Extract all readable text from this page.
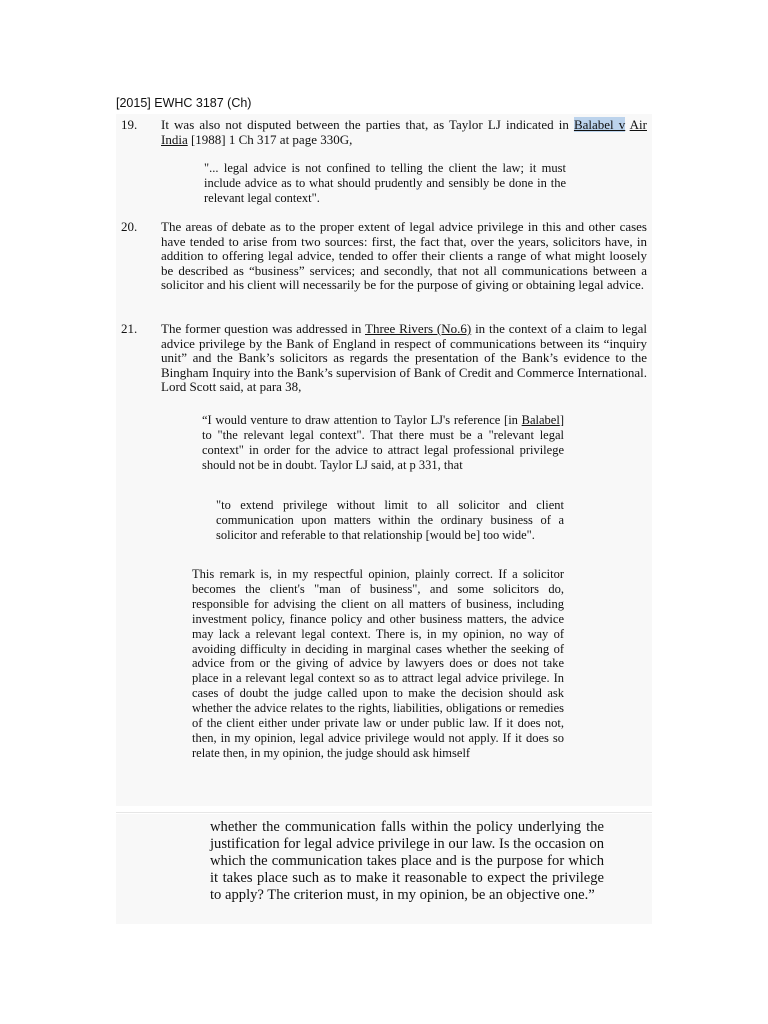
[2015] EWHC 3187 (Ch)
19. It was also not disputed between the parties that, as Taylor LJ indicated in Balabel v Air India [1988] 1 Ch 317 at page 330G,
"... legal advice is not confined to telling the client the law; it must include advice as to what should prudently and sensibly be done in the relevant legal context".
20. The areas of debate as to the proper extent of legal advice privilege in this and other cases have tended to arise from two sources: first, the fact that, over the years, solicitors have, in addition to offering legal advice, tended to offer their clients a range of what might loosely be described as “business” services; and secondly, that not all communications between a solicitor and his client will necessarily be for the purpose of giving or obtaining legal advice.
21. The former question was addressed in Three Rivers (No.6) in the context of a claim to legal advice privilege by the Bank of England in respect of communications between its “inquiry unit” and the Bank’s solicitors as regards the presentation of the Bank’s evidence to the Bingham Inquiry into the Bank’s supervision of Bank of Credit and Commerce International. Lord Scott said, at para 38,
“I would venture to draw attention to Taylor LJ's reference [in Balabel] to "the relevant legal context". That there must be a "relevant legal context" in order for the advice to attract legal professional privilege should not be in doubt. Taylor LJ said, at p 331, that
"to extend privilege without limit to all solicitor and client communication upon matters within the ordinary business of a solicitor and referable to that relationship [would be] too wide".
This remark is, in my respectful opinion, plainly correct. If a solicitor becomes the client's "man of business", and some solicitors do, responsible for advising the client on all matters of business, including investment policy, finance policy and other business matters, the advice may lack a relevant legal context. There is, in my opinion, no way of avoiding difficulty in deciding in marginal cases whether the seeking of advice from or the giving of advice by lawyers does or does not take place in a relevant legal context so as to attract legal advice privilege. In cases of doubt the judge called upon to make the decision should ask whether the advice relates to the rights, liabilities, obligations or remedies of the client either under private law or under public law. If it does not, then, in my opinion, legal advice privilege would not apply. If it does so relate then, in my opinion, the judge should ask himself
whether the communication falls within the policy underlying the justification for legal advice privilege in our law. Is the occasion on which the communication takes place and is the purpose for which it takes place such as to make it reasonable to expect the privilege to apply? The criterion must, in my opinion, be an objective one.”
